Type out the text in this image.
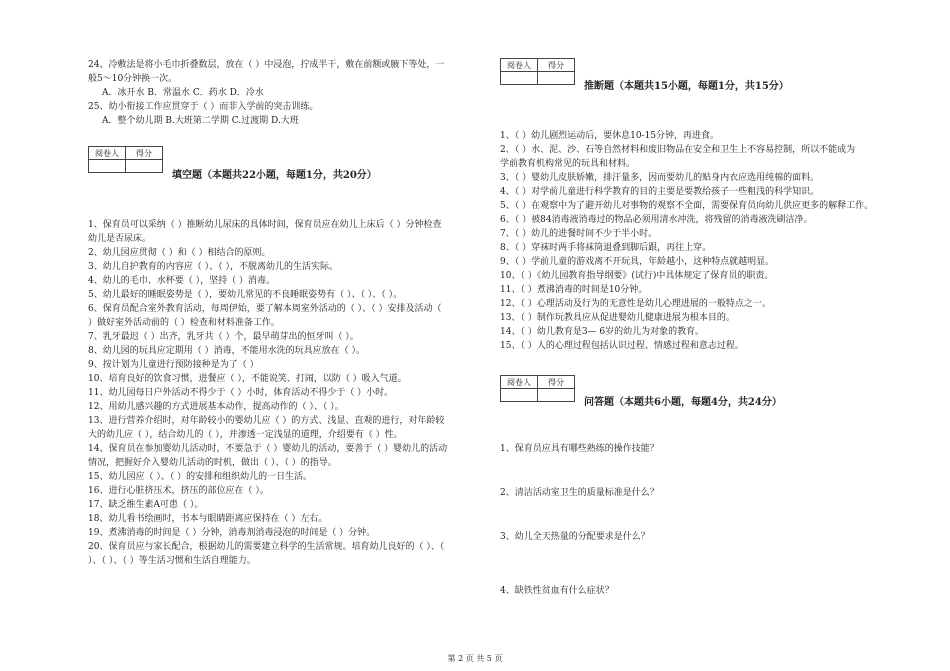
24、冷敷法是将小毛巾折叠数层，放在（ ）中浸泡，拧成半干，敷在前额或腋下等处，一
般5～10分钟换一次。
A．冰开水 B．常温水 C．药水 D．冷水
25、幼小衔接工作应贯穿于（ ）而非入学前的突击训练。
A．整个幼儿期 B.大班第二学期 C.过渡期 D.大班
阅卷人	得分

填空题（本题共22小题，每题1分，共20分）
1、保育员可以采纳（ ）推断幼儿尿床的具体时间，保育员应在幼儿上床后（ ）分钟检查
幼儿是否尿床。
2、幼儿园应贯彻（ ）和（ ）相结合的原则。
3、幼儿自护教育的内容应（ ）、（ ），不脱离幼儿的生活实际。
4、幼儿的毛巾、水杯要（ ），坚持（ ）消毒。
5、幼儿最好的睡眠姿势是（ ），要幼儿常见的不良睡眠姿势有（ ）、（ ）、（ ）。
6、保育员配合室外教育活动，每周伊始，要了解本周室外活动的（ ）、（ ）安排及活动（
）做好室外活动前的（ ）检查和材料准备工作。
7、乳牙最迟（ ）出齐，乳牙共（ ）个，最早萌芽出的恒牙叫（ ）。
8、幼儿园的玩具应定期用（ ）消毒，不能用水洗的玩具应放在（ ）。
9、按计划为儿童进行预防接种是为了（ ）
10、培育良好的饮食习惯，进餐应（ ），不能说笑、打闹，以防（ ）吸入气道。
11、幼儿园每日户外活动不得少于（ ）小时，体育活动不得少于（ ）小时。
12、用幼儿感兴趣的方式进展基本动作，提高动作的（ ）、（ ）。
13、进行营养介绍时，对年龄较小的婴幼儿应（ ）的方式、浅显、直观的进行，对年龄较
大的幼儿应（ ），结合幼儿的（ ），并渗透一定浅显的道理，介绍要有（ ）性。
14、保育员在参加婴幼儿活动时，不要急于（ ）婴幼儿的活动，要善于（ ）婴幼儿的活动
情况，把握好介入婴幼儿活动的时机，做出（ ）、（ ）的指导。
15、幼儿园应（ ）、（ ）的安排和组织幼儿的一日生活。
16、进行心脏挤压术，挤压的部位应在（ ）。
17、缺乏维生素A可患（ ）。
18、幼儿看书绘画时，书本与眼睛距离应保持在（ ）左右。
19、煮沸消毒的时间是（ ）分钟，消毒剂消毒浸泡的时间是（ ）分钟。
20、保育员应与家长配合，根据幼儿的需要建立科学的生活常规。培育幼儿良好的（ ）、（
）、（ ）、（ ）等生活习惯和生活自理能力。
阅卷人	得分

推断题（本题共15小题，每题1分，共15分）
1、（ ）幼儿剧烈运动后，要休息10-15分钟，再进食。
2、（ ）水、泥、沙、石等自然材料和废旧物品在安全和卫生上不容易控制，所以不能成为
学前教育机构常见的玩具和材料。
3、（ ）婴幼儿皮肤娇嫩，排汗量多，因而要幼儿的贴身内衣应选用纯棉的面料。
4、（ ）对学前儿童进行科学教育的目的主要是要教给孩子一些粗浅的科学知识。
5、（ ）在观察中为了避开幼儿对事物的观察不全面，需要保育员向幼儿供应更多的解释工作。
6、（ ）被84消毒液消毒过的物品必须用清水冲洗，将残留的消毒液洗刷洁净。
7、（ ）幼儿的进餐时间不少于半小时。
8、（ ）穿袜时两手将袜筒退叠到脚后跟，再往上穿。
9、（ ）学前儿童的游戏离不开玩具，年龄越小，这种特点就越明显。
10、（ ）《幼儿园教育指导纲要》(试行)中具体规定了保育员的职责。
11、（ ）煮沸消毒的时间是10分钟。
12、（ ）心理活动及行为的无意性是幼儿心理进展的一般特点之一。
13、（ ）制作玩教具应从促进婴幼儿健康进展为根本目的。
14、（ ）幼儿教育是3— 6岁的幼儿为对象的教育。
15、（ ）人的心理过程包括认识过程、情感过程和意志过程。
阅卷人	得分

问答题（本题共6小题，每题4分，共24分）
1、保育员应具有哪些熟练的操作技能？
2、清洁活动室卫生的质量标准是什么？
3、幼儿全天热量的分配要求是什么？
4、缺铁性贫血有什么症状？
第 2 页 共 5 页
